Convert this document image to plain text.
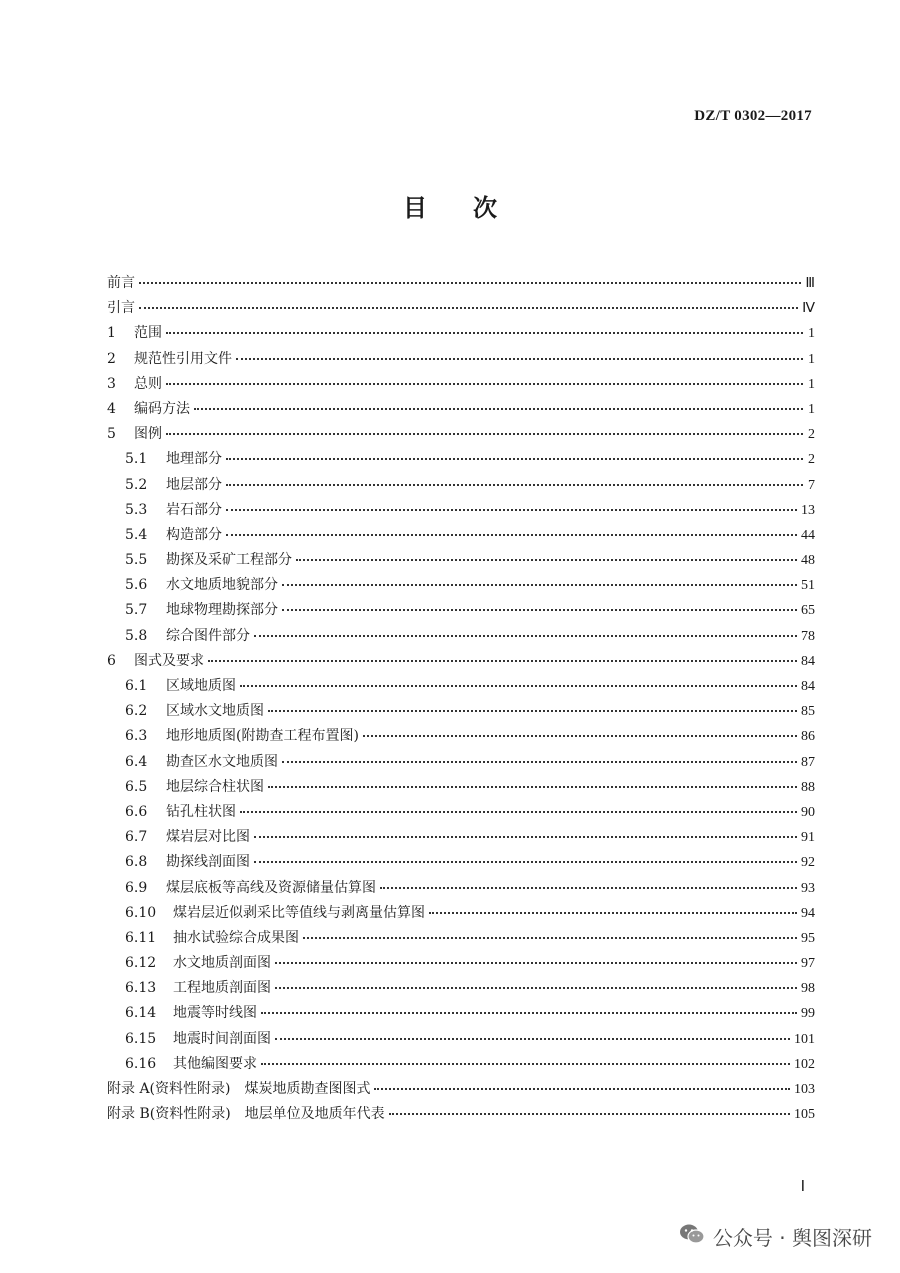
DZ/T 0302—2017
目 次
前言	Ⅲ
引言	Ⅳ
1	范围	1
2	规范性引用文件	1
3	总则	1
4	编码方法	1
5	图例	2
5.1	地理部分	2
5.2	地层部分	7
5.3	岩石部分	13
5.4	构造部分	44
5.5	勘探及采矿工程部分	48
5.6	水文地质地貌部分	51
5.7	地球物理勘探部分	65
5.8	综合图件部分	78
6	图式及要求	84
6.1	区域地质图	84
6.2	区域水文地质图	85
6.3	地形地质图(附勘查工程布置图)	86
6.4	勘查区水文地质图	87
6.5	地层综合柱状图	88
6.6	钻孔柱状图	90
6.7	煤岩层对比图	91
6.8	勘探线剖面图	92
6.9	煤层底板等高线及资源储量估算图	93
6.10	煤岩层近似剥采比等值线与剥离量估算图	94
6.11	抽水试验综合成果图	95
6.12	水文地质剖面图	97
6.13	工程地质剖面图	98
6.14	地震等时线图	99
6.15	地震时间剖面图	101
6.16	其他编图要求	102
附录 A(资料性附录)　煤炭地质勘查图图式	103
附录 B(资料性附录)　地层单位及地质年代表	105
Ⅰ
公众号 · 舆图深研
